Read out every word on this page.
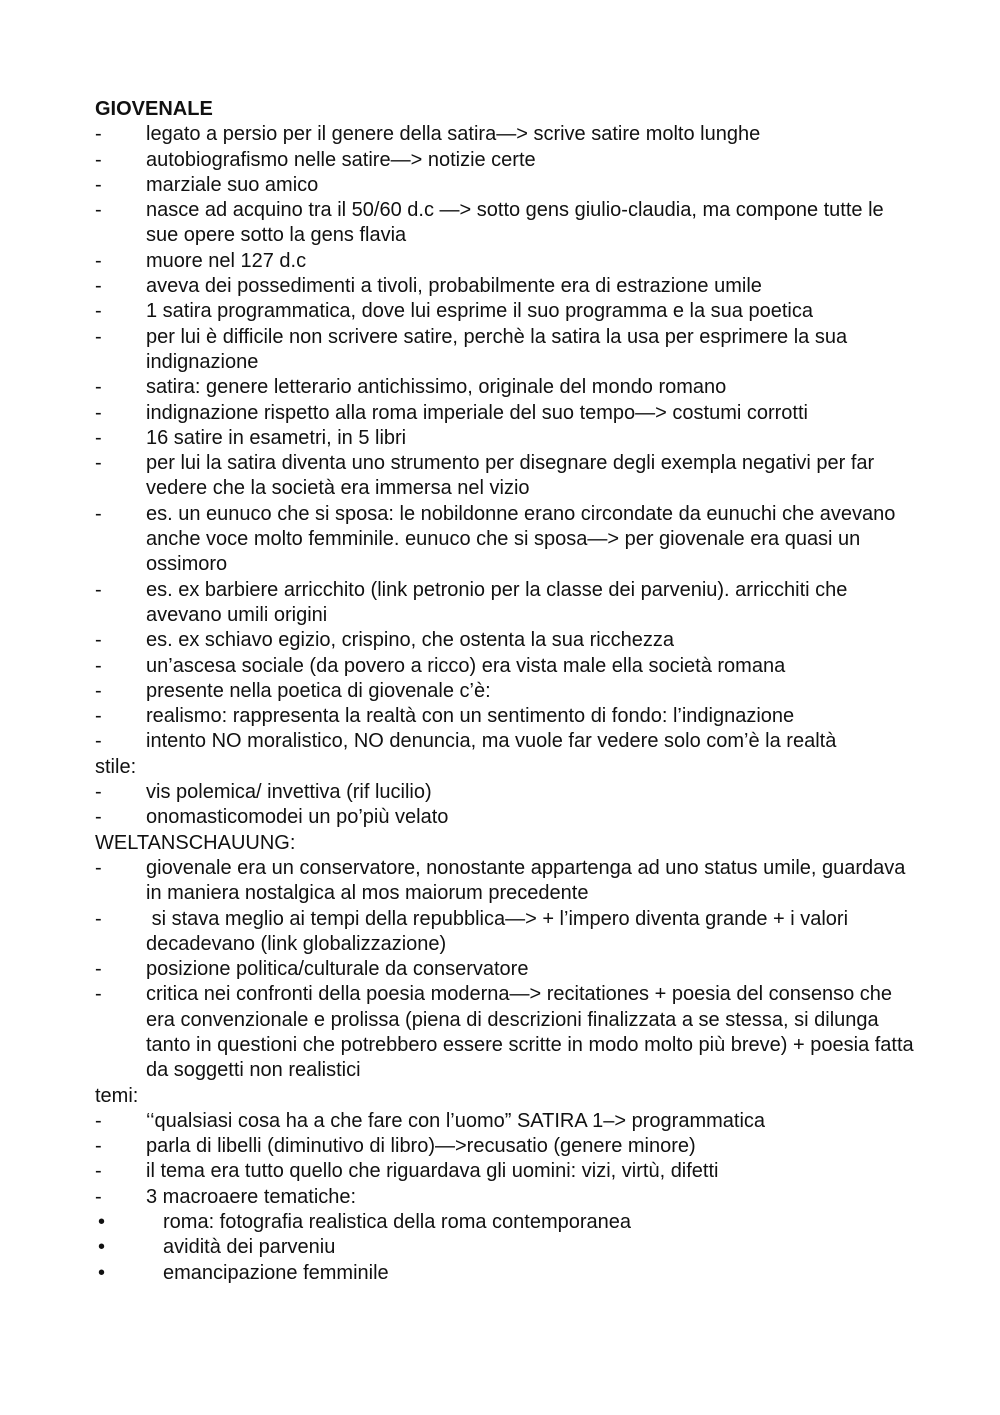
GIOVENALE

-	legato a persio per il genere della satira—> scrive satire molto lunghe

-	autobiografismo nelle satire—> notizie certe

-	marziale suo amico

-	nasce ad acquino tra il 50/60 d.c —> sotto gens giulio-claudia, ma compone tutte le sue opere sotto la gens flavia

-	muore nel 127 d.c

-	aveva dei possedimenti a tivoli, probabilmente era di estrazione umile

-	1 satira programmatica, dove lui esprime il suo programma e la sua poetica

-	per lui è difficile non scrivere satire, perchè la satira la usa per esprimere la sua indignazione

-	satira: genere letterario antichissimo, originale del mondo romano

-	indignazione rispetto alla roma imperiale del suo tempo—> costumi corrotti

-	16 satire in esametri, in 5 libri

-	per lui la satira diventa uno strumento per disegnare degli exempla negativi per far vedere che la società era immersa nel vizio

-	es. un eunuco che si sposa: le nobildonne erano circondate da eunuchi che avevano anche voce molto femminile. eunuco che si sposa—> per giovenale era quasi un ossimoro

-	es. ex barbiere arricchito (link petronio per la classe dei parveniu). arricchiti che avevano umili origini

-	es. ex schiavo egizio, crispino, che ostenta la sua ricchezza

-	un’ascesa sociale (da povero a ricco) era vista male ella società romana

-	presente nella poetica di giovenale c’è:

-	realismo: rappresenta la realtà con un sentimento di fondo: l’indignazione

-	intento NO moralistico, NO denuncia, ma vuole far vedere solo com’è la realtà

stile:

-	vis polemica/ invettiva (rif lucilio)

-	onomasticomodei un po’più velato

WELTANSCHAUUNG:

-	giovenale era un conservatore, nonostante appartenga ad uno status umile, guardava in maniera nostalgica al mos maiorum precedente

-	si stava meglio ai tempi della repubblica—> + l’impero diventa grande + i valori decadevano (link globalizzazione)

-	posizione politica/culturale da conservatore

-	critica nei confronti della poesia moderna—> recitationes + poesia del consenso che era convenzionale e prolissa (piena di descrizioni finalizzata a se stessa, si dilunga tanto in questioni che potrebbero essere scritte in modo molto più breve) + poesia fatta da soggetti non realistici

temi:

-	‘‘qualsiasi cosa ha a che fare con l’uomo” SATIRA 1–> programmatica

-	parla di libelli (diminutivo di libro)—>recusatio (genere minore)

-	il tema era tutto quello che riguardava gli uomini: vizi, virtù, difetti

-	3 macroaere tematiche:

•	roma: fotografia realistica della roma contemporanea

•	avidità dei parveniu

•	emancipazione femminile
